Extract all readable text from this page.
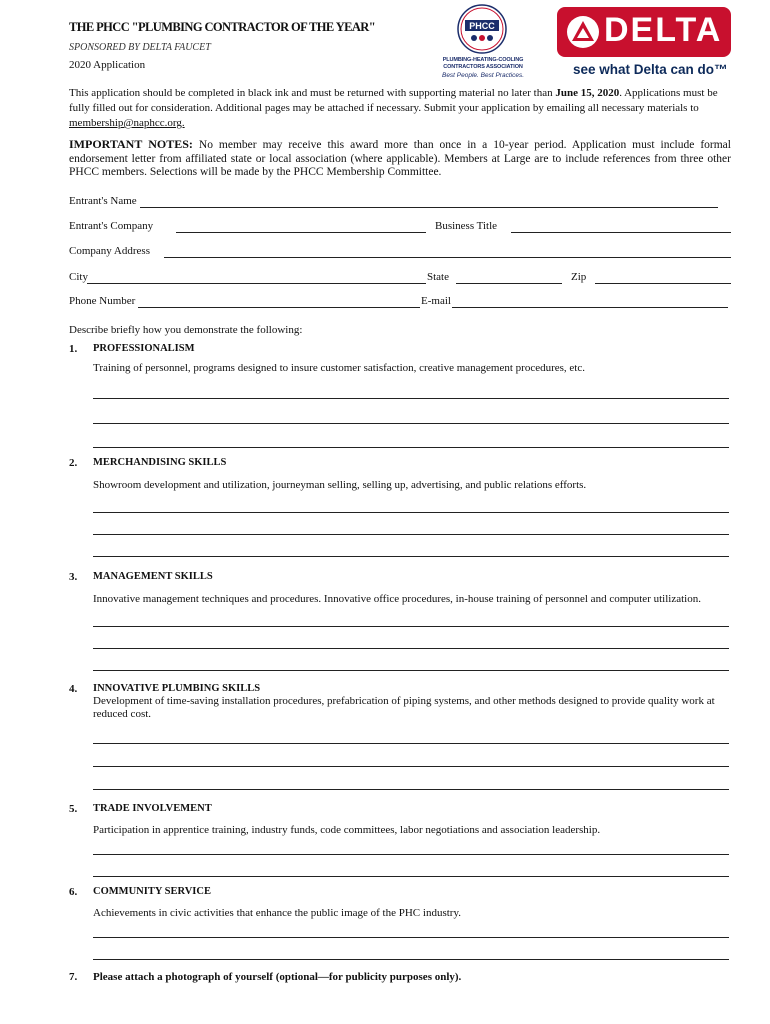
THE PHCC "PLUMBING CONTRACTOR OF THE YEAR"
SPONSORED BY DELTA FAUCET
2020 Application
PHCC
PLUMBING-HEATING-COOLING
CONTRACTORS ASSOCIATION
Best People. Best Practices.
DELTA
see what Delta can do™
This application should be completed in black ink and must be returned with supporting material no later than June 15, 2020. Applications must be fully filled out for consideration. Additional pages may be attached if necessary. Submit your application by emailing all necessary materials to membership@naphcc.org.
IMPORTANT NOTES: No member may receive this award more than once in a 10-year period. Application must include formal endorsement letter from affiliated state or local association (where applicable). Members at Large are to include references from three other PHCC members. Selections will be made by the PHCC Membership Committee.
Entrant's Name
Entrant's Company	Business Title
Company Address
City	State	Zip
Phone Number	E-mail
Describe briefly how you demonstrate the following:
1. PROFESSIONALISM
Training of personnel, programs designed to insure customer satisfaction, creative management procedures, etc.
2. MERCHANDISING SKILLS
Showroom development and utilization, journeyman selling, selling up, advertising, and public relations efforts.
3. MANAGEMENT SKILLS
Innovative management techniques and procedures. Innovative office procedures, in-house training of personnel and computer utilization.
4. INNOVATIVE PLUMBING SKILLS
Development of time-saving installation procedures, prefabrication of piping systems, and other methods designed to provide quality work at reduced cost.
5. TRADE INVOLVEMENT
Participation in apprentice training, industry funds, code committees, labor negotiations and association leadership.
6. COMMUNITY SERVICE
Achievements in civic activities that enhance the public image of the PHC industry.
7. Please attach a photograph of yourself (optional—for publicity purposes only).
